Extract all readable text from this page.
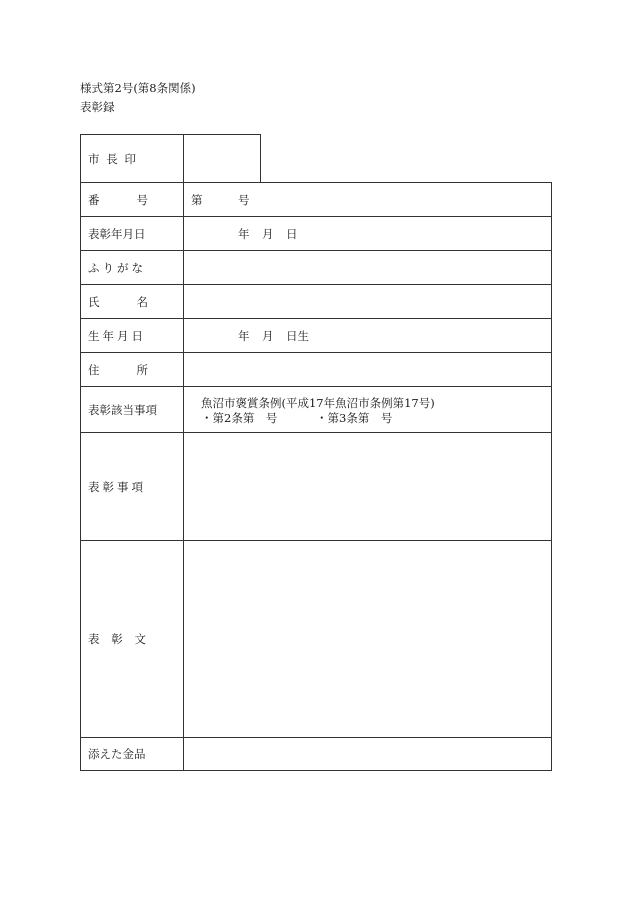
様式第2号(第8条関係)
表彰録
市 長 印
番	号	第	号
表彰年月日	年 月 日
ふ り が な
氏	名
生 年 月 日	年 月 日生
住	所
表彰該当事項	魚沼市褒賞条例(平成17年魚沼市条例第17号)
・第2条第　号	・第3条第　号
表 彰 事 項
表 彰 文
添えた金品
